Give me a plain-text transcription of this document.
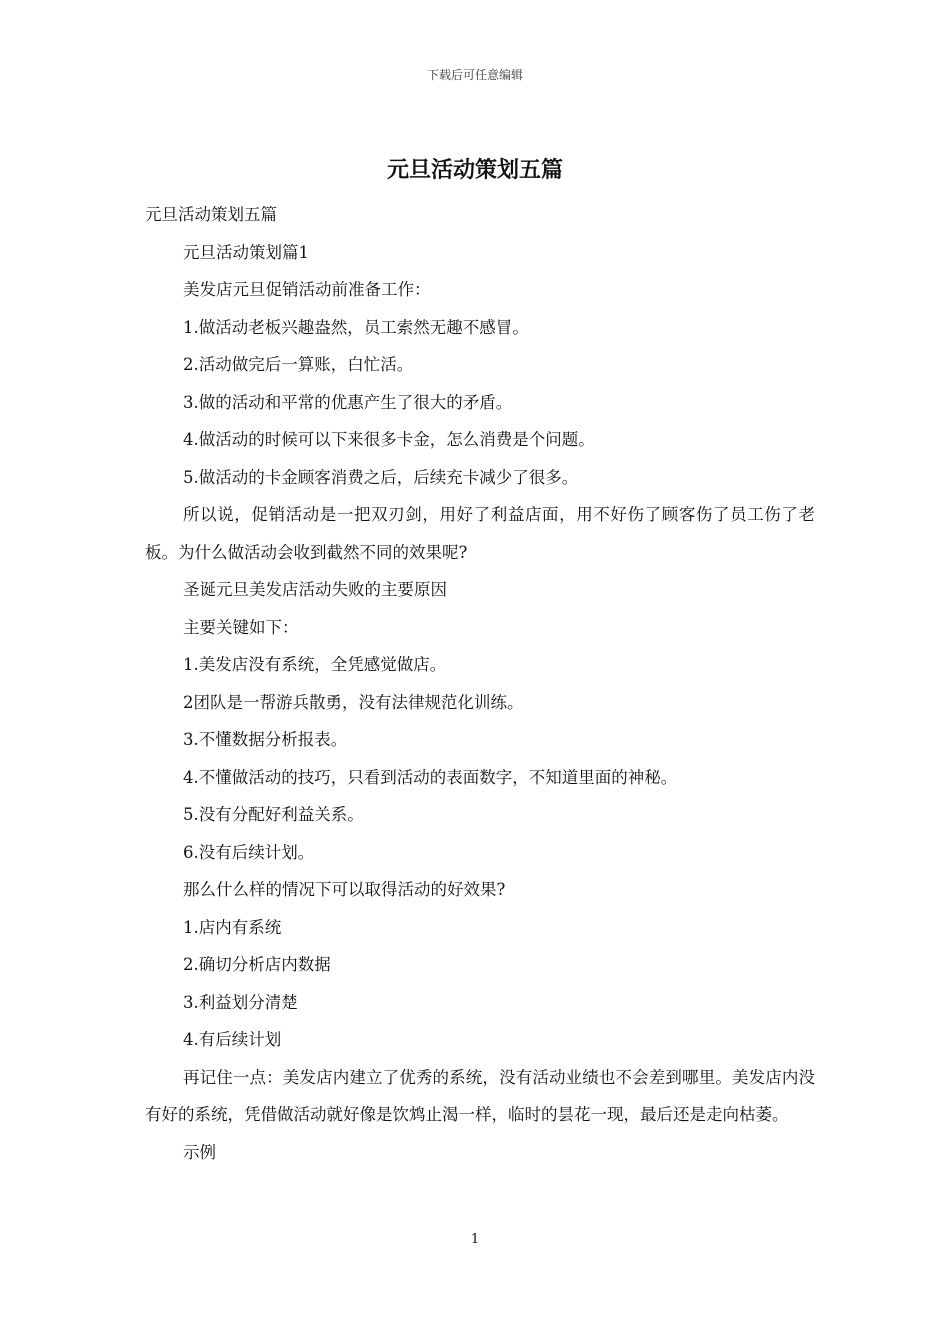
下载后可任意编辑
元旦活动策划五篇

元旦活动策划五篇

元旦活动策划篇1

美发店元旦促销活动前准备工作：

1.做活动老板兴趣盎然，员工索然无趣不感冒。

2.活动做完后一算账，白忙活。

3.做的活动和平常的优惠产生了很大的矛盾。

4.做活动的时候可以下来很多卡金，怎么消费是个问题。

5.做活动的卡金顾客消费之后，后续充卡减少了很多。

所以说，促销活动是一把双刃剑，用好了利益店面，用不好伤了顾客伤了员工伤了老板。为什么做活动会收到截然不同的效果呢?

圣诞元旦美发店活动失败的主要原因

主要关键如下：

1.美发店没有系统，全凭感觉做店。

2团队是一帮游兵散勇，没有法律规范化训练。

3.不懂数据分析报表。

4.不懂做活动的技巧，只看到活动的表面数字，不知道里面的神秘。

5.没有分配好利益关系。

6.没有后续计划。

那么什么样的情况下可以取得活动的好效果?

1.店内有系统

2.确切分析店内数据

3.利益划分清楚

4.有后续计划

再记住一点：美发店内建立了优秀的系统，没有活动业绩也不会差到哪里。美发店内没有好的系统，凭借做活动就好像是饮鸩止渴一样，临时的昙花一现，最后还是走向枯萎。

示例

1
